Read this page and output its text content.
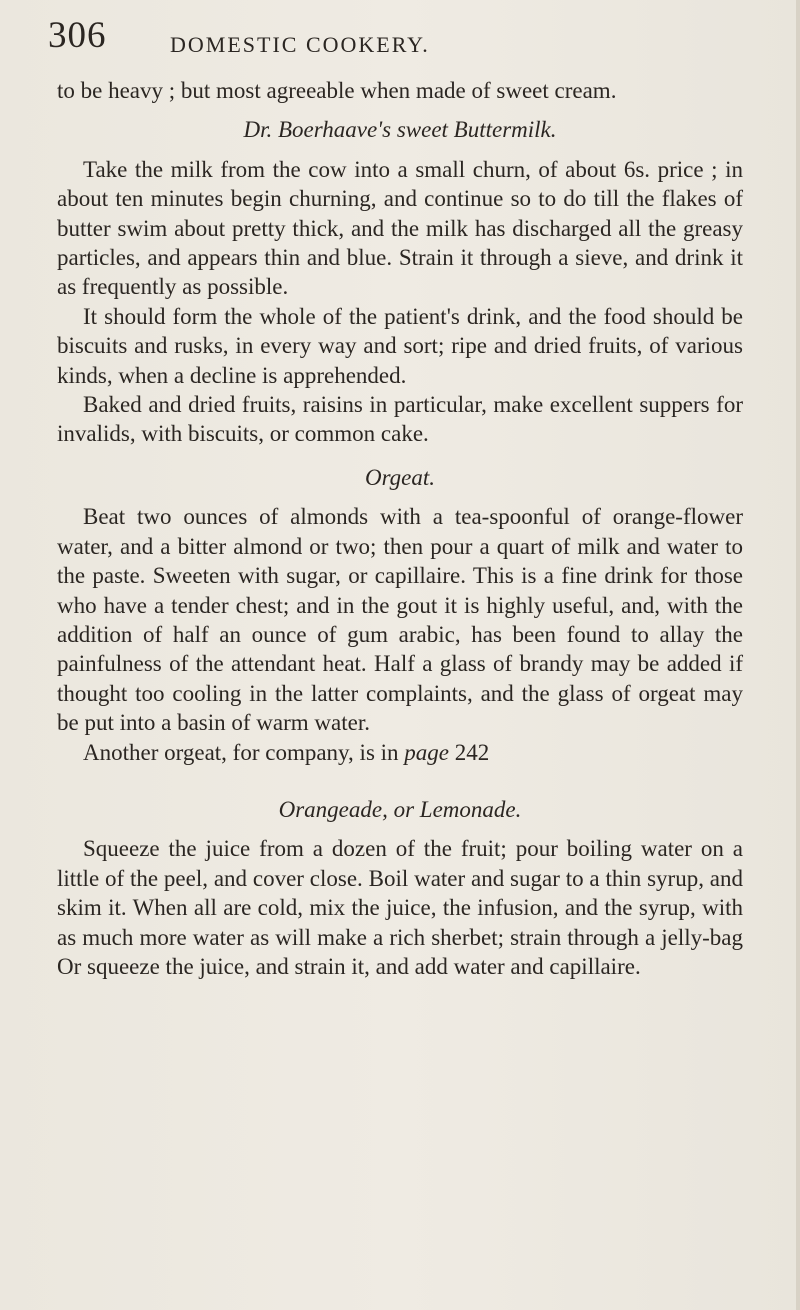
306	DOMESTIC COOKERY.

to be heavy ; but most agreeable when made of sweet cream.

Dr. Boerhaave's sweet Buttermilk.

Take the milk from the cow into a small churn, of about 6s. price ; in about ten minutes begin churning, and continue so to do till the flakes of butter swim about pretty thick, and the milk has discharged all the greasy particles, and appears thin and blue. Strain it through a sieve, and drink it as frequently as possible.

It should form the whole of the patient's drink, and the food should be biscuits and rusks, in every way and sort; ripe and dried fruits, of various kinds, when a decline is apprehended.

Baked and dried fruits, raisins in particular, make excellent suppers for invalids, with biscuits, or common cake.

Orgeat.

Beat two ounces of almonds with a tea-spoonful of orange-flower water, and a bitter almond or two; then pour a quart of milk and water to the paste. Sweeten with sugar, or capillaire. This is a fine drink for those who have a tender chest; and in the gout it is highly useful, and, with the addition of half an ounce of gum arabic, has been found to allay the painfulness of the attendant heat. Half a glass of brandy may be added if thought too cooling in the latter complaints, and the glass of orgeat may be put into a basin of warm water.

Another orgeat, for company, is in page 242

Orangeade, or Lemonade.

Squeeze the juice from a dozen of the fruit; pour boiling water on a little of the peel, and cover close. Boil water and sugar to a thin syrup, and skim it. When all are cold, mix the juice, the infusion, and the syrup, with as much more water as will make a rich sherbet; strain through a jelly-bag Or squeeze the juice, and strain it, and add water and capillaire.
